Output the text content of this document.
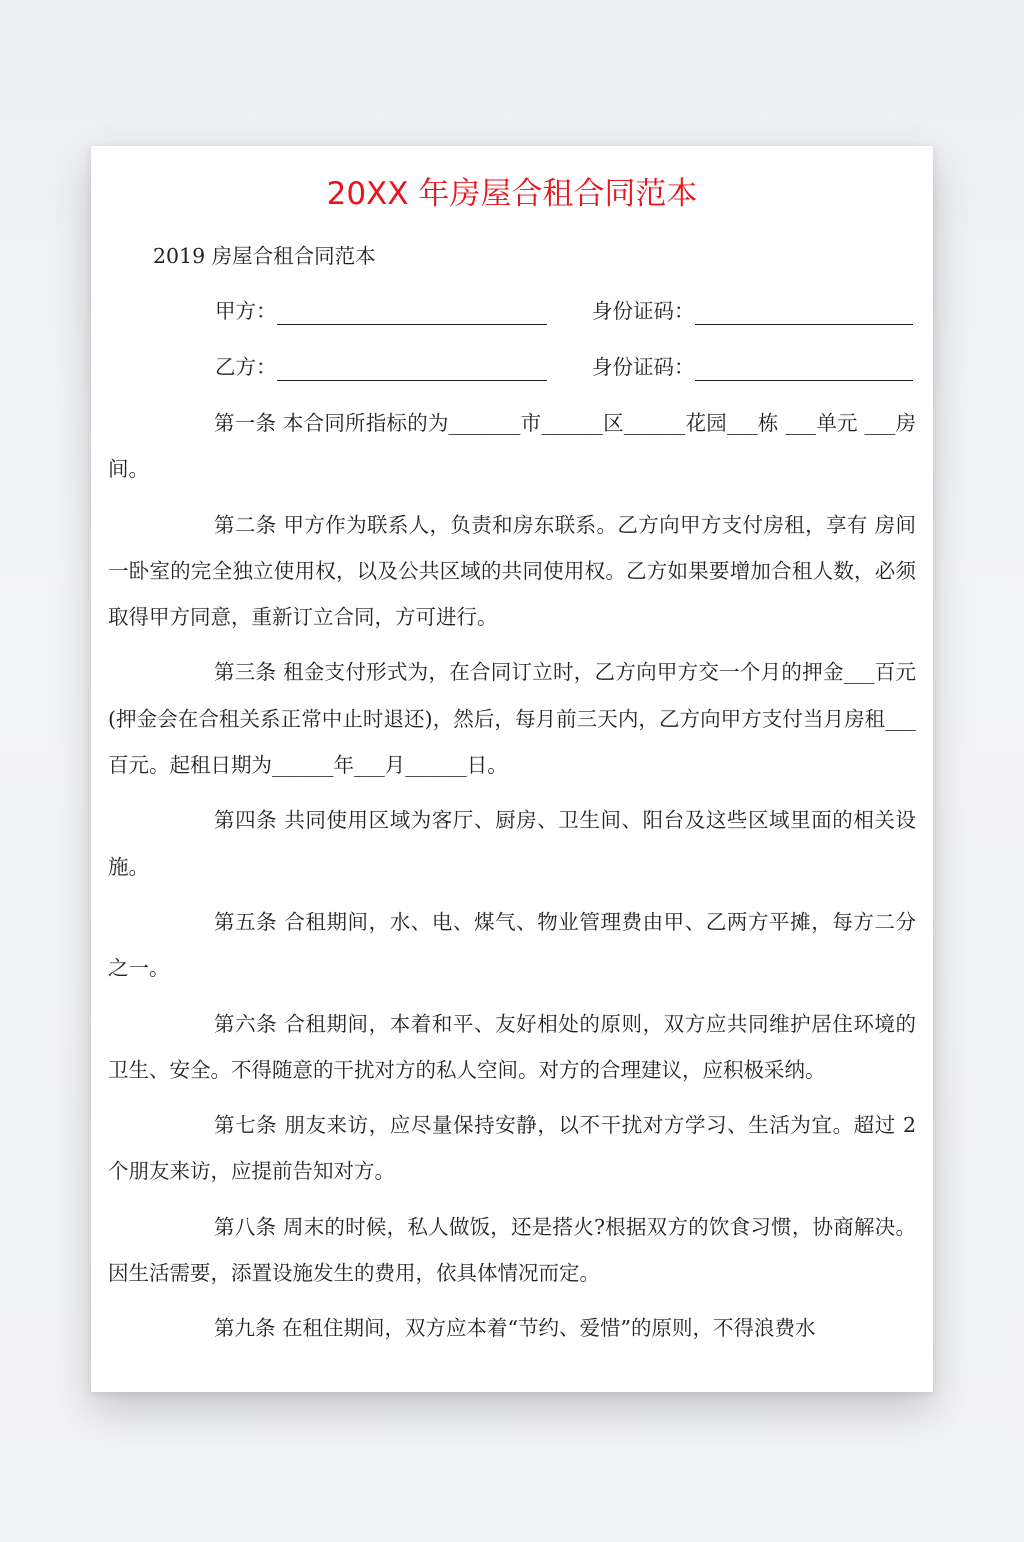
20XX 年房屋合租合同范本
2019 房屋合租合同范本
甲方：	身份证码：
乙方：	身份证码：

第一条 本合同所指标的为_______市______区______花园___栋 ___单元 ___房间。

第二条 甲方作为联系人，负责和房东联系。乙方向甲方支付房租，享有 房间一卧室的完全独立使用权，以及公共区域的共同使用权。乙方如果要增加合租人数，必须取得甲方同意，重新订立合同，方可进行。

第三条 租金支付形式为，在合同订立时，乙方向甲方交一个月的押金___百元(押金会在合租关系正常中止时退还)，然后，每月前三天内，乙方向甲方支付当月房租___百元。起租日期为______年___月______日。

第四条 共同使用区域为客厅、厨房、卫生间、阳台及这些区域里面的相关设施。

第五条 合租期间，水、电、煤气、物业管理费由甲、乙两方平摊，每方二分之一。

第六条 合租期间，本着和平、友好相处的原则，双方应共同维护居住环境的卫生、安全。不得随意的干扰对方的私人空间。对方的合理建议，应积极采纳。

第七条 朋友来访，应尽量保持安静，以不干扰对方学习、生活为宜。超过 2 个朋友来访，应提前告知对方。

第八条 周末的时候，私人做饭，还是搭火?根据双方的饮食习惯，协商解决。因生活需要，添置设施发生的费用，依具体情况而定。

第九条 在租住期间，双方应本着“节约、爱惜”的原则，不得浪费水
